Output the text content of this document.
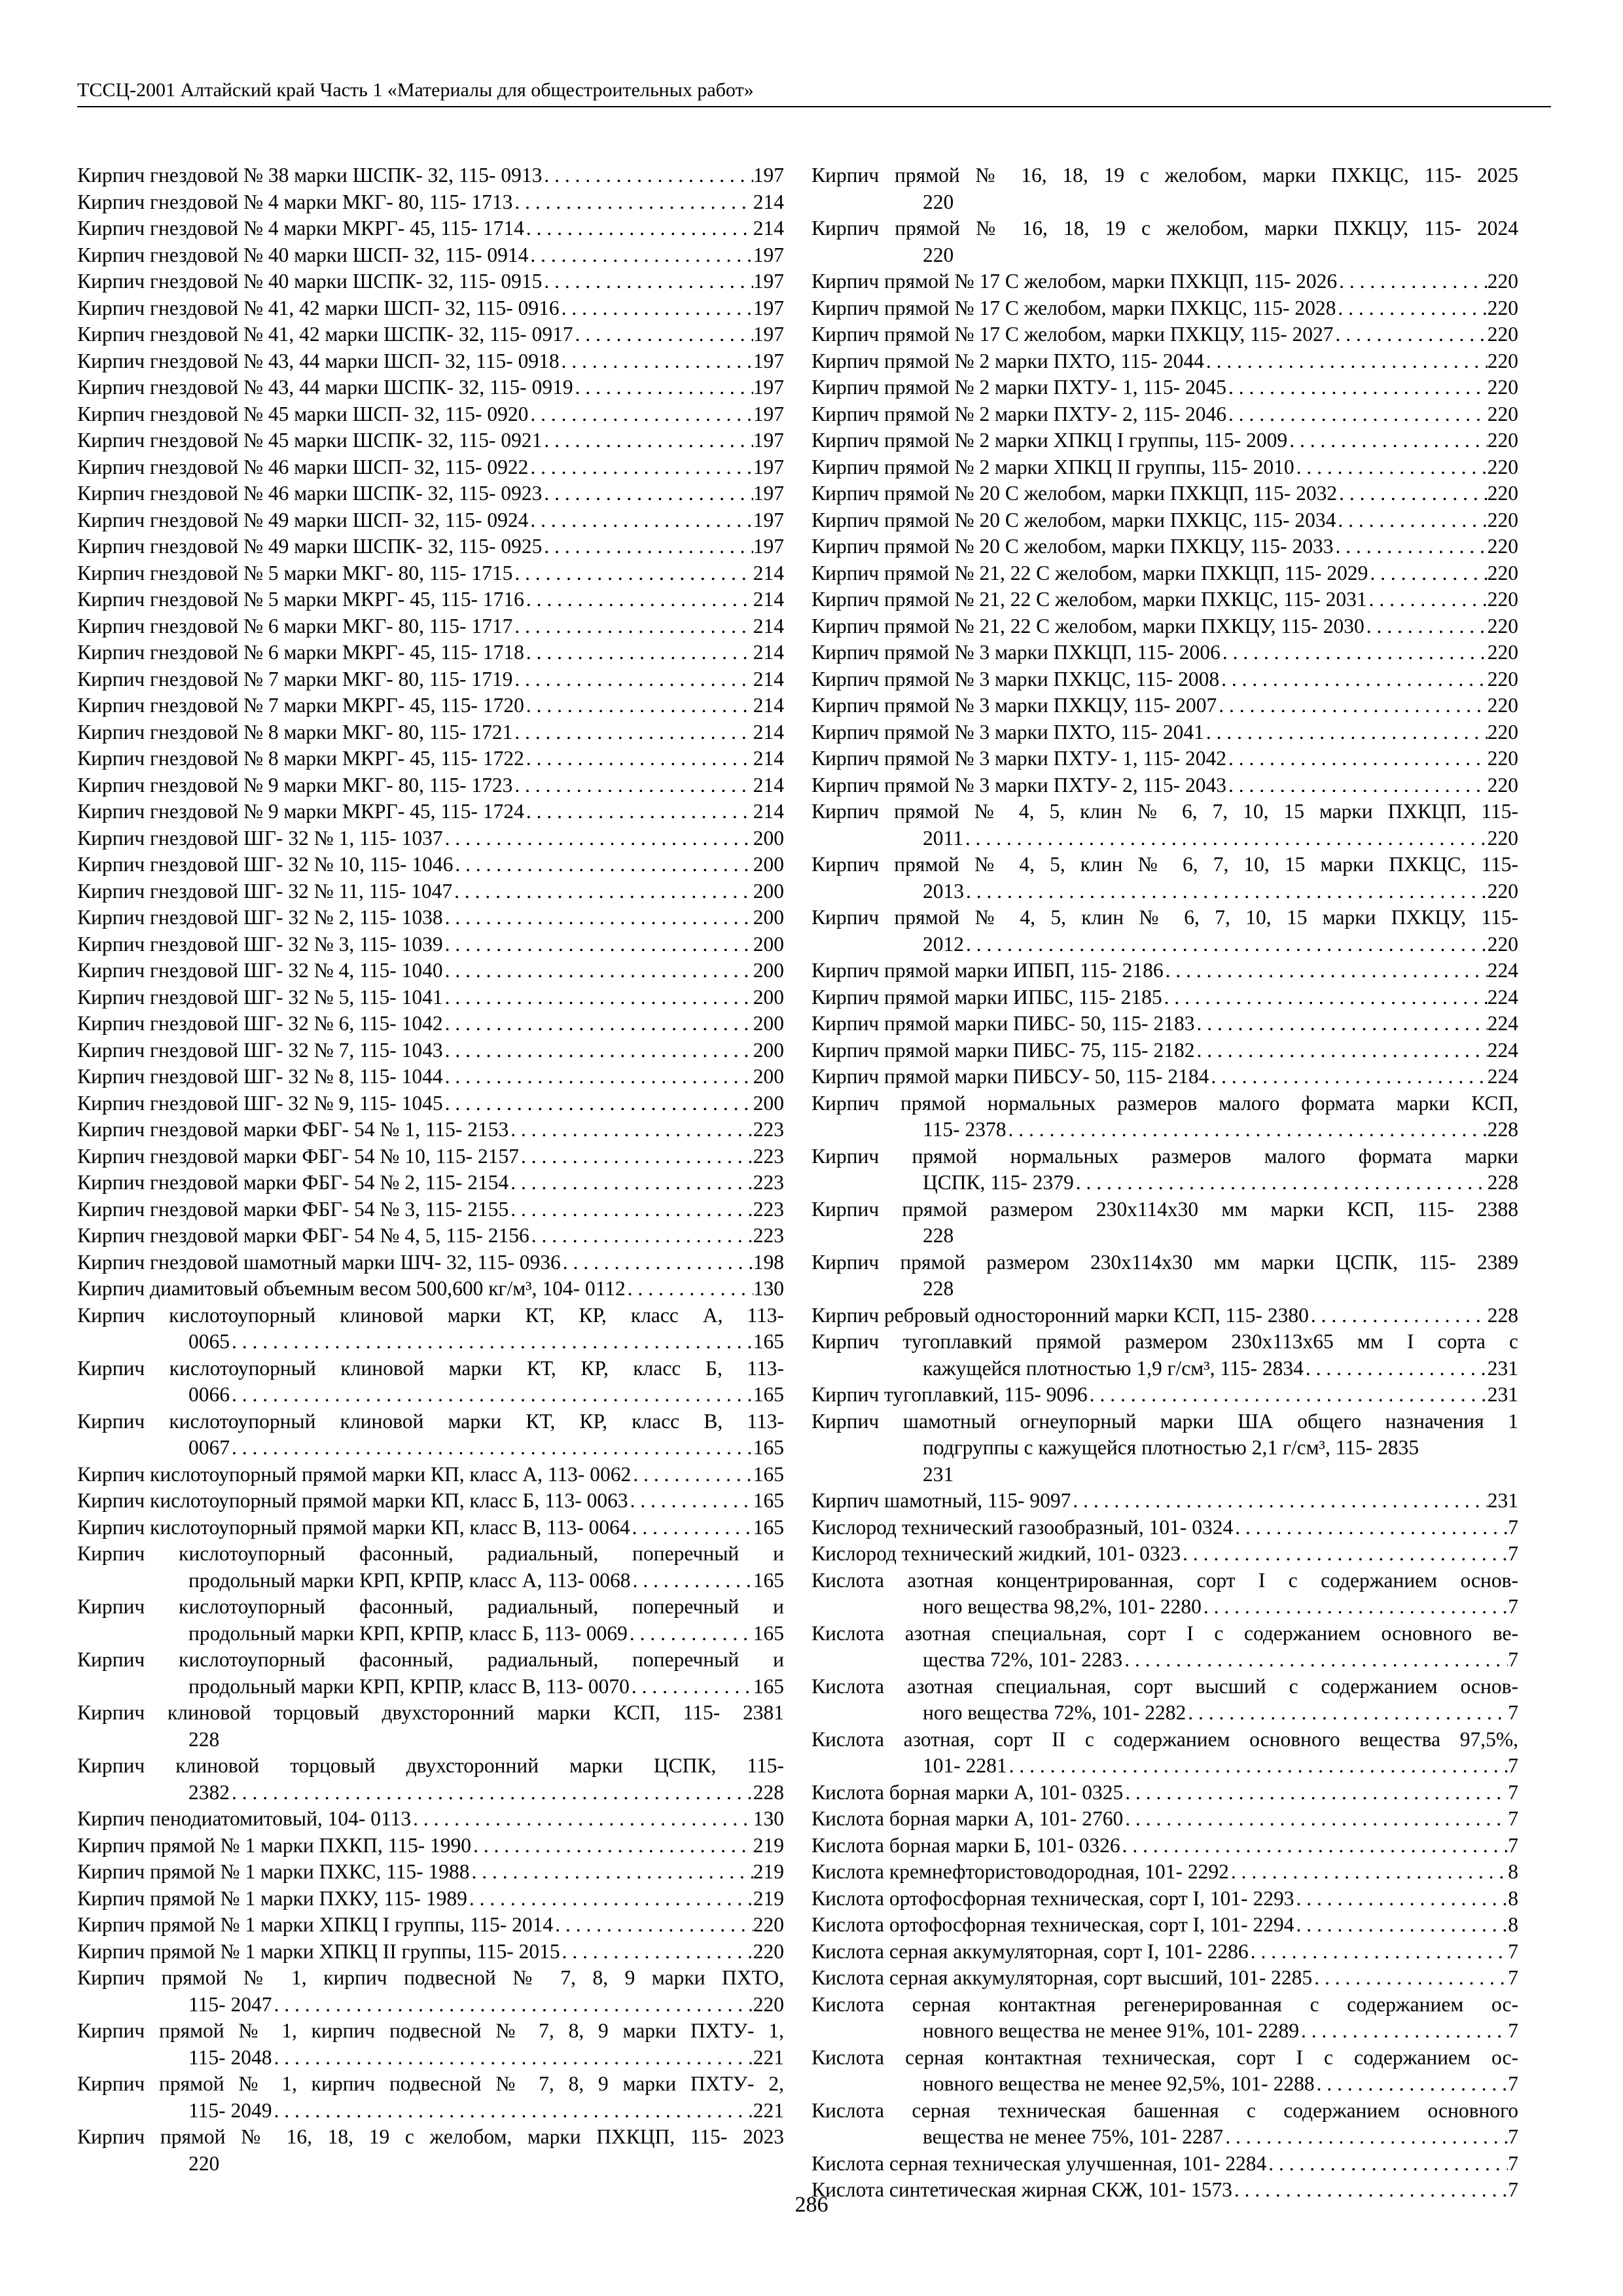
ТССЦ-2001 Алтайский край Часть 1 «Материалы для общестроительных работ»
Кирпич гнездовой № 38 марки ШСПК- 32, 115- 0913 . . .	197
Кирпич гнездовой № 4 марки МКГ- 80, 115- 1713 . . .	214
Кирпич гнездовой № 4 марки МКРГ- 45, 115- 1714 . . .	214
Кирпич гнездовой № 40 марки ШСП- 32, 115- 0914 . . .	197
Кирпич гнездовой № 40 марки ШСПК- 32, 115- 0915 . . .	197
Кирпич гнездовой № 41, 42 марки ШСП- 32, 115- 0916 . . .	197
Кирпич гнездовой № 41, 42 марки ШСПК- 32, 115- 0917 . . .	197
Кирпич гнездовой № 43, 44 марки ШСП- 32, 115- 0918 . . .	197
Кирпич гнездовой № 43, 44 марки ШСПК- 32, 115- 0919 . . .	197
Кирпич гнездовой № 45 марки ШСП- 32, 115- 0920 . . .	197
Кирпич гнездовой № 45 марки ШСПК- 32, 115- 0921 . . .	197
Кирпич гнездовой № 46 марки ШСП- 32, 115- 0922 . . .	197
Кирпич гнездовой № 46 марки ШСПК- 32, 115- 0923 . . .	197
Кирпич гнездовой № 49 марки ШСП- 32, 115- 0924 . . .	197
Кирпич гнездовой № 49 марки ШСПК- 32, 115- 0925 . . .	197
Кирпич гнездовой № 5 марки МКГ- 80, 115- 1715 . . .	214
Кирпич гнездовой № 5 марки МКРГ- 45, 115- 1716 . . .	214
Кирпич гнездовой № 6 марки МКГ- 80, 115- 1717 . . .	214
Кирпич гнездовой № 6 марки МКРГ- 45, 115- 1718 . . .	214
Кирпич гнездовой № 7 марки МКГ- 80, 115- 1719 . . .	214
Кирпич гнездовой № 7 марки МКРГ- 45, 115- 1720 . . .	214
Кирпич гнездовой № 8 марки МКГ- 80, 115- 1721 . . .	214
Кирпич гнездовой № 8 марки МКРГ- 45, 115- 1722 . . .	214
Кирпич гнездовой № 9 марки МКГ- 80, 115- 1723 . . .	214
Кирпич гнездовой № 9 марки МКРГ- 45, 115- 1724 . . .	214
Кирпич гнездовой ШГ- 32 № 1, 115- 1037 . . .	200
Кирпич гнездовой ШГ- 32 № 10, 115- 1046 . . .	200
Кирпич гнездовой ШГ- 32 № 11, 115- 1047 . . .	200
Кирпич гнездовой ШГ- 32 № 2, 115- 1038 . . .	200
Кирпич гнездовой ШГ- 32 № 3, 115- 1039 . . .	200
Кирпич гнездовой ШГ- 32 № 4, 115- 1040 . . .	200
Кирпич гнездовой ШГ- 32 № 5, 115- 1041 . . .	200
Кирпич гнездовой ШГ- 32 № 6, 115- 1042 . . .	200
Кирпич гнездовой ШГ- 32 № 7, 115- 1043 . . .	200
Кирпич гнездовой ШГ- 32 № 8, 115- 1044 . . .	200
Кирпич гнездовой ШГ- 32 № 9, 115- 1045 . . .	200
Кирпич гнездовой марки ФБГ- 54 № 1, 115- 2153 . . .	223
Кирпич гнездовой марки ФБГ- 54 № 10, 115- 2157 . . .	223
Кирпич гнездовой марки ФБГ- 54 № 2, 115- 2154 . . .	223
Кирпич гнездовой марки ФБГ- 54 № 3, 115- 2155 . . .	223
Кирпич гнездовой марки ФБГ- 54 № 4, 5, 115- 2156 . . .	223
Кирпич гнездовой шамотный марки ШЧ- 32, 115- 0936 . . .	198
Кирпич диамитовый объемным весом 500,600 кг/м³, 104- 0112 . . .	130
Кирпич кислотоупорный клиновой марки КТ, КР, класс А, 113-
0065 . . .	165
Кирпич кислотоупорный клиновой марки КТ, КР, класс Б, 113-
0066 . . .	165
Кирпич кислотоупорный клиновой марки КТ, КР, класс В, 113-
0067 . . .	165
Кирпич кислотоупорный прямой марки КП, класс А, 113- 0062 . . .	165
Кирпич кислотоупорный прямой марки КП, класс Б, 113- 0063 . . .	165
Кирпич кислотоупорный прямой марки КП, класс В, 113- 0064 . . .	165
Кирпич кислотоупорный фасонный, радиальный, поперечный и
продольный марки КРП, КРПР, класс А, 113- 0068 . . .	165
Кирпич кислотоупорный фасонный, радиальный, поперечный и
продольный марки КРП, КРПР, класс Б, 113- 0069 . . .	165
Кирпич кислотоупорный фасонный, радиальный, поперечный и
продольный марки КРП, КРПР, класс В, 113- 0070 . . .	165
Кирпич клиновой торцовый двухсторонний марки КСП, 115- 2381
228
Кирпич клиновой торцовый двухсторонний марки ЦСПК, 115-
2382 . . .	228
Кирпич пенодиатомитовый, 104- 0113 . . .	130
Кирпич прямой № 1 марки ПХКП, 115- 1990 . . .	219
Кирпич прямой № 1 марки ПХКС, 115- 1988 . . .	219
Кирпич прямой № 1 марки ПХКУ, 115- 1989 . . .	219
Кирпич прямой № 1 марки ХПКЦ I группы, 115- 2014 . . .	220
Кирпич прямой № 1 марки ХПКЦ II группы, 115- 2015 . . .	220
Кирпич прямой № 1, кирпич подвесной № 7, 8, 9 марки ПХТО,
115- 2047 . . .	220
Кирпич прямой № 1, кирпич подвесной № 7, 8, 9 марки ПХТУ- 1,
115- 2048 . . .	221
Кирпич прямой № 1, кирпич подвесной № 7, 8, 9 марки ПХТУ- 2,
115- 2049 . . .	221
Кирпич прямой № 16, 18, 19 с желобом, марки ПХКЦП, 115- 2023
220
Кирпич прямой № 16, 18, 19 с желобом, марки ПХКЦС, 115- 2025
220
Кирпич прямой № 16, 18, 19 с желобом, марки ПХКЦУ, 115- 2024
220
Кирпич прямой № 17 С желобом, марки ПХКЦП, 115- 2026 . . .	220
Кирпич прямой № 17 С желобом, марки ПХКЦС, 115- 2028 . . .	220
Кирпич прямой № 17 С желобом, марки ПХКЦУ, 115- 2027 . . .	220
Кирпич прямой № 2 марки ПХТО, 115- 2044 . . .	220
Кирпич прямой № 2 марки ПХТУ- 1, 115- 2045 . . .	220
Кирпич прямой № 2 марки ПХТУ- 2, 115- 2046 . . .	220
Кирпич прямой № 2 марки ХПКЦ I группы, 115- 2009 . . .	220
Кирпич прямой № 2 марки ХПКЦ II группы, 115- 2010 . . .	220
Кирпич прямой № 20 С желобом, марки ПХКЦП, 115- 2032 . . .	220
Кирпич прямой № 20 С желобом, марки ПХКЦС, 115- 2034 . . .	220
Кирпич прямой № 20 С желобом, марки ПХКЦУ, 115- 2033 . . .	220
Кирпич прямой № 21, 22 С желобом, марки ПХКЦП, 115- 2029 . . .	220
Кирпич прямой № 21, 22 С желобом, марки ПХКЦС, 115- 2031 . . .	220
Кирпич прямой № 21, 22 С желобом, марки ПХКЦУ, 115- 2030 . . .	220
Кирпич прямой № 3 марки ПХКЦП, 115- 2006 . . .	220
Кирпич прямой № 3 марки ПХКЦС, 115- 2008 . . .	220
Кирпич прямой № 3 марки ПХКЦУ, 115- 2007 . . .	220
Кирпич прямой № 3 марки ПХТО, 115- 2041 . . .	220
Кирпич прямой № 3 марки ПХТУ- 1, 115- 2042 . . .	220
Кирпич прямой № 3 марки ПХТУ- 2, 115- 2043 . . .	220
Кирпич прямой № 4, 5, клин № 6, 7, 10, 15 марки ПХКЦП, 115-
2011 . . .	220
Кирпич прямой № 4, 5, клин № 6, 7, 10, 15 марки ПХКЦС, 115-
2013 . . .	220
Кирпич прямой № 4, 5, клин № 6, 7, 10, 15 марки ПХКЦУ, 115-
2012 . . .	220
Кирпич прямой марки ИПБП, 115- 2186 . . .	224
Кирпич прямой марки ИПБС, 115- 2185 . . .	224
Кирпич прямой марки ПИБС- 50, 115- 2183 . . .	224
Кирпич прямой марки ПИБС- 75, 115- 2182 . . .	224
Кирпич прямой марки ПИБСУ- 50, 115- 2184 . . .	224
Кирпич прямой нормальных размеров малого формата марки КСП,
115- 2378 . . .	228
Кирпич прямой нормальных размеров малого формата марки
ЦСПК, 115- 2379 . . .	228
Кирпич прямой размером 230x114x30 мм марки КСП, 115- 2388
228
Кирпич прямой размером 230x114x30 мм марки ЦСПК, 115- 2389
228
Кирпич ребровый односторонний марки КСП, 115- 2380 . . .	228
Кирпич тугоплавкий прямой размером 230x113x65 мм I сорта с
кажущейся плотностью 1,9 г/см³, 115- 2834 . . .	231
Кирпич тугоплавкий, 115- 9096 . . .	231
Кирпич шамотный огнеупорный марки ША общего назначения 1
подгруппы с кажущейся плотностью 2,1 г/см³, 115- 2835
231
Кирпич шамотный, 115- 9097 . . .	231
Кислород технический газообразный, 101- 0324 . . .	7
Кислород технический жидкий, 101- 0323 . . .	7
Кислота азотная концентрированная, сорт I с содержанием основ-
ного вещества 98,2%, 101- 2280 . . .	7
Кислота азотная специальная, сорт I с содержанием основного ве-
щества 72%, 101- 2283 . . .	7
Кислота азотная специальная, сорт высший с содержанием основ-
ного вещества 72%, 101- 2282 . . .	7
Кислота азотная, сорт II с содержанием основного вещества 97,5%,
101- 2281 . . .	7
Кислота борная марки А, 101- 0325 . . .	7
Кислота борная марки А, 101- 2760 . . .	7
Кислота борная марки Б, 101- 0326 . . .	7
Кислота кремнефтористоводородная, 101- 2292 . . .	8
Кислота ортофосфорная техническая, сорт I, 101- 2293 . . .	8
Кислота ортофосфорная техническая, сорт I, 101- 2294 . . .	8
Кислота серная аккумуляторная, сорт I, 101- 2286 . . .	7
Кислота серная аккумуляторная, сорт высший, 101- 2285 . . .	7
Кислота серная контактная регенерированная с содержанием ос-
новного вещества не менее 91%, 101- 2289 . . .	7
Кислота серная контактная техническая, сорт I с содержанием ос-
новного вещества не менее 92,5%, 101- 2288 . . .	7
Кислота серная техническая башенная с содержанием основного
вещества не менее 75%, 101- 2287 . . .	7
Кислота серная техническая улучшенная, 101- 2284 . . .	7
Кислота синтетическая жирная СКЖ, 101- 1573 . . .	7
286
